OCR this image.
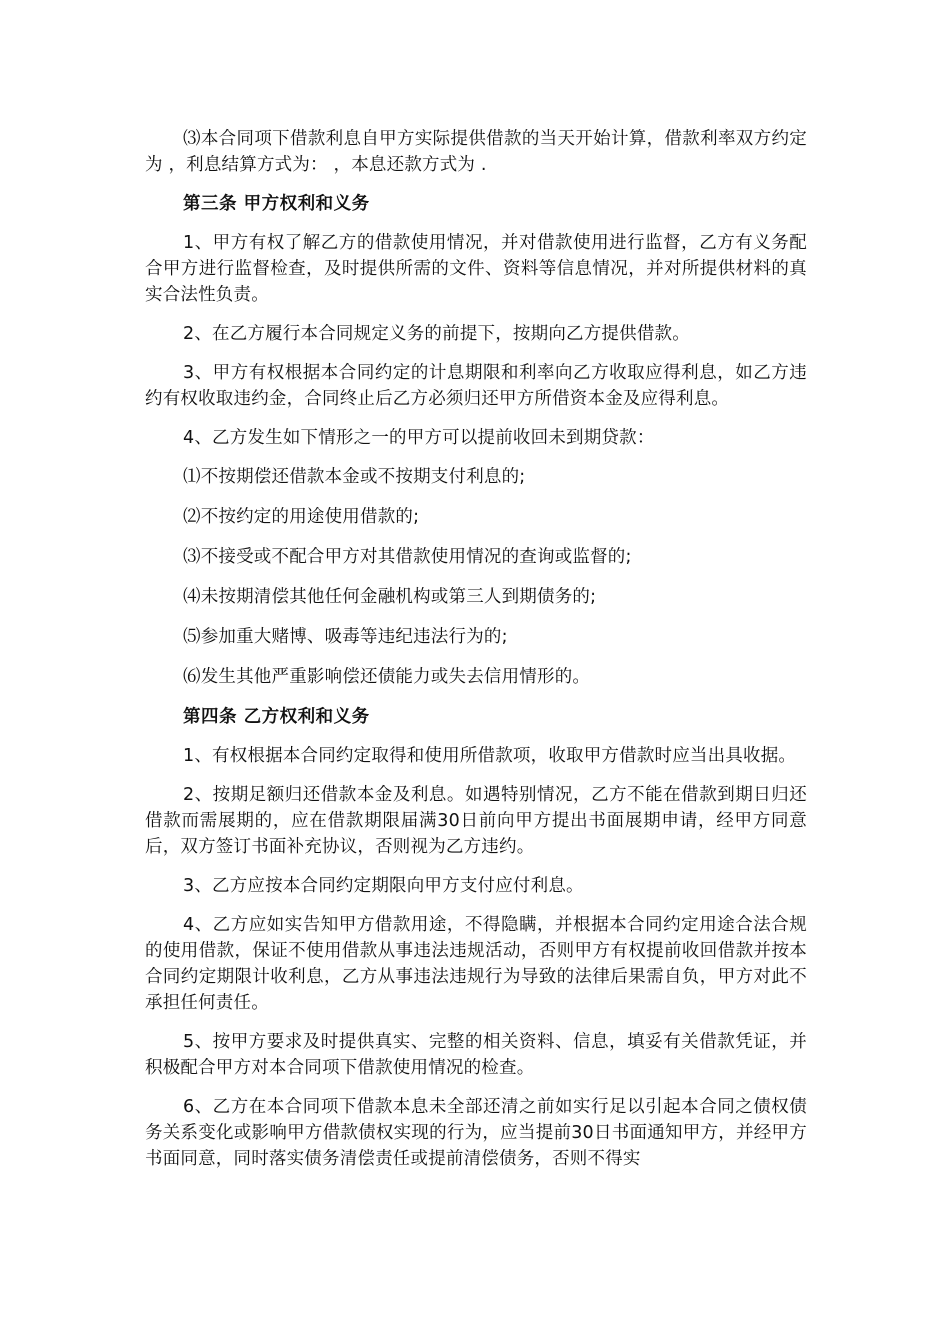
⑶本合同项下借款利息自甲方实际提供借款的当天开始计算，借款利率双方约定为 ，利息结算方式为： ，本息还款方式为 .

第三条 甲方权利和义务

1、甲方有权了解乙方的借款使用情况，并对借款使用进行监督，乙方有义务配合甲方进行监督检查，及时提供所需的文件、资料等信息情况，并对所提供材料的真实合法性负责。

2、在乙方履行本合同规定义务的前提下，按期向乙方提供借款。

3、甲方有权根据本合同约定的计息期限和利率向乙方收取应得利息，如乙方违约有权收取违约金，合同终止后乙方必须归还甲方所借资本金及应得利息。

4、乙方发生如下情形之一的甲方可以提前收回未到期贷款：

⑴不按期偿还借款本金或不按期支付利息的;

⑵不按约定的用途使用借款的;

⑶不接受或不配合甲方对其借款使用情况的查询或监督的;

⑷未按期清偿其他任何金融机构或第三人到期债务的;

⑸参加重大赌博、吸毒等违纪违法行为的;

⑹发生其他严重影响偿还债能力或失去信用情形的。

第四条 乙方权利和义务

1、有权根据本合同约定取得和使用所借款项，收取甲方借款时应当出具收据。

2、按期足额归还借款本金及利息。如遇特别情况，乙方不能在借款到期日归还借款而需展期的，应在借款期限届满30日前向甲方提出书面展期申请，经甲方同意后，双方签订书面补充协议，否则视为乙方违约。

3、乙方应按本合同约定期限向甲方支付应付利息。

4、乙方应如实告知甲方借款用途，不得隐瞒，并根据本合同约定用途合法合规的使用借款，保证不使用借款从事违法违规活动，否则甲方有权提前收回借款并按本合同约定期限计收利息，乙方从事违法违规行为导致的法律后果需自负，甲方对此不承担任何责任。

5、按甲方要求及时提供真实、完整的相关资料、信息，填妥有关借款凭证，并积极配合甲方对本合同项下借款使用情况的检查。

6、乙方在本合同项下借款本息未全部还清之前如实行足以引起本合同之债权债务关系变化或影响甲方借款债权实现的行为，应当提前30日书面通知甲方，并经甲方书面同意，同时落实债务清偿责任或提前清偿债务，否则不得实
